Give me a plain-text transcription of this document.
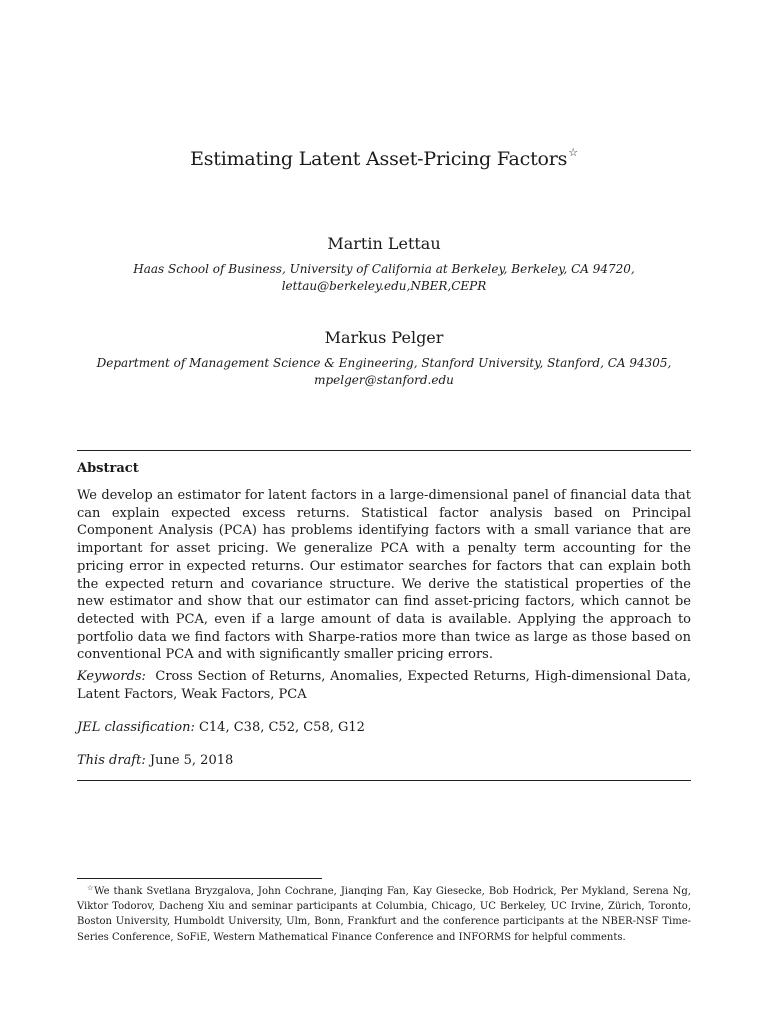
Estimating Latent Asset-Pricing Factors☆
Martin Lettau
Haas School of Business, University of California at Berkeley, Berkeley, CA 94720,
lettau@berkeley.edu,NBER,CEPR
Markus Pelger
Department of Management Science & Engineering, Stanford University, Stanford, CA 94305,
mpelger@stanford.edu
Abstract
We develop an estimator for latent factors in a large-dimensional panel of financial data that can explain expected excess returns. Statistical factor analysis based on Principal Component Analysis (PCA) has problems identifying factors with a small variance that are important for asset pricing. We generalize PCA with a penalty term accounting for the pricing error in expected returns. Our estimator searches for factors that can explain both the expected return and covariance structure. We derive the statistical properties of the new estimator and show that our estimator can find asset-pricing factors, which cannot be detected with PCA, even if a large amount of data is available. Applying the approach to portfolio data we find factors with Sharpe-ratios more than twice as large as those based on conventional PCA and with significantly smaller pricing errors.
Keywords: Cross Section of Returns, Anomalies, Expected Returns, High-dimensional Data, Latent Factors, Weak Factors, PCA
JEL classification: C14, C38, C52, C58, G12
This draft: June 5, 2018
☆We thank Svetlana Bryzgalova, John Cochrane, Jianqing Fan, Kay Giesecke, Bob Hodrick, Per Mykland, Serena Ng, Viktor Todorov, Dacheng Xiu and seminar participants at Columbia, Chicago, UC Berkeley, UC Irvine, Zürich, Toronto, Boston University, Humboldt University, Ulm, Bonn, Frankfurt and the conference participants at the NBER-NSF Time-Series Conference, SoFiE, Western Mathematical Finance Conference and INFORMS for helpful comments.
